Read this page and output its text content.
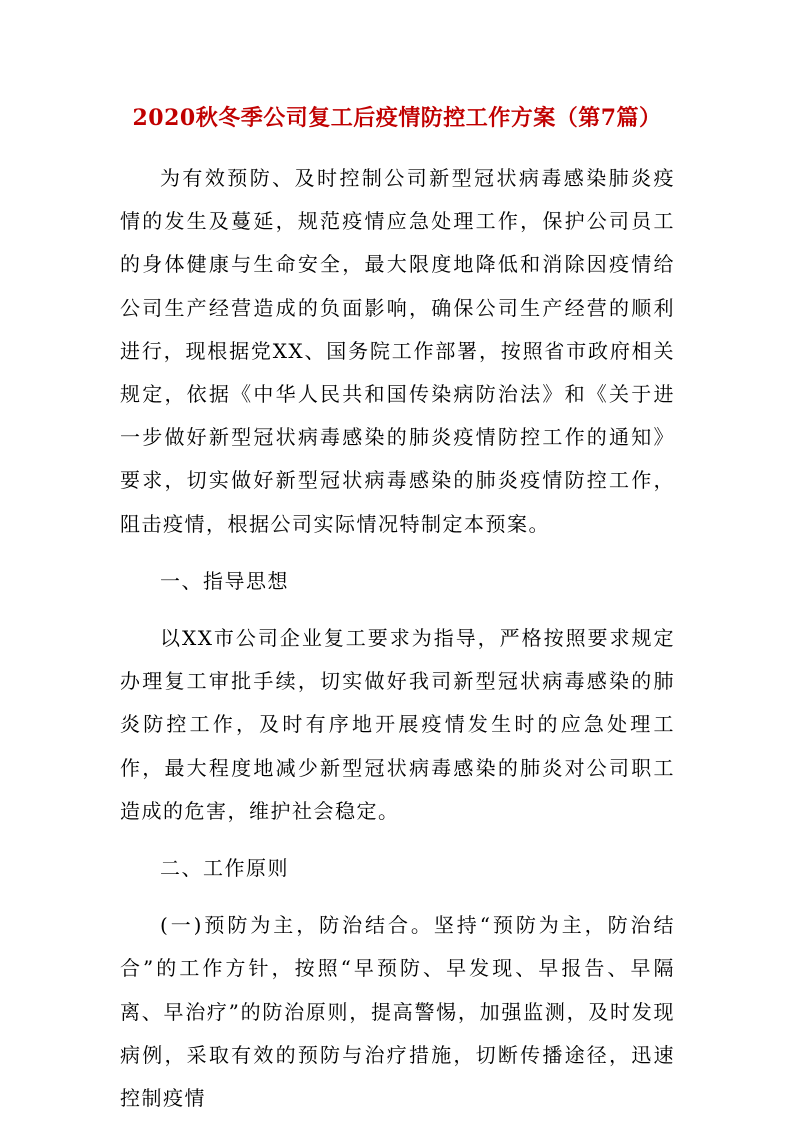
2020秋冬季公司复工后疫情防控工作方案（第7篇）

为有效预防、及时控制公司新型冠状病毒感染肺炎疫情的发生及蔓延，规范疫情应急处理工作，保护公司员工的身体健康与生命安全，最大限度地降低和消除因疫情给公司生产经营造成的负面影响，确保公司生产经营的顺利进行，现根据党XX、国务院工作部署，按照省市政府相关规定，依据《中华人民共和国传染病防治法》和《关于进一步做好新型冠状病毒感染的肺炎疫情防控工作的通知》要求，切实做好新型冠状病毒感染的肺炎疫情防控工作，阻击疫情，根据公司实际情况特制定本预案。

一、指导思想

以XX市公司企业复工要求为指导，严格按照要求规定办理复工审批手续，切实做好我司新型冠状病毒感染的肺炎防控工作，及时有序地开展疫情发生时的应急处理工作，最大程度地减少新型冠状病毒感染的肺炎对公司职工造成的危害，维护社会稳定。

二、工作原则

(一)预防为主，防治结合。坚持“预防为主，防治结合”的工作方针，按照“早预防、早发现、早报告、早隔离、早治疗”的防治原则，提高警惕，加强监测，及时发现病例，采取有效的预防与治疗措施，切断传播途径，迅速控制疫情
